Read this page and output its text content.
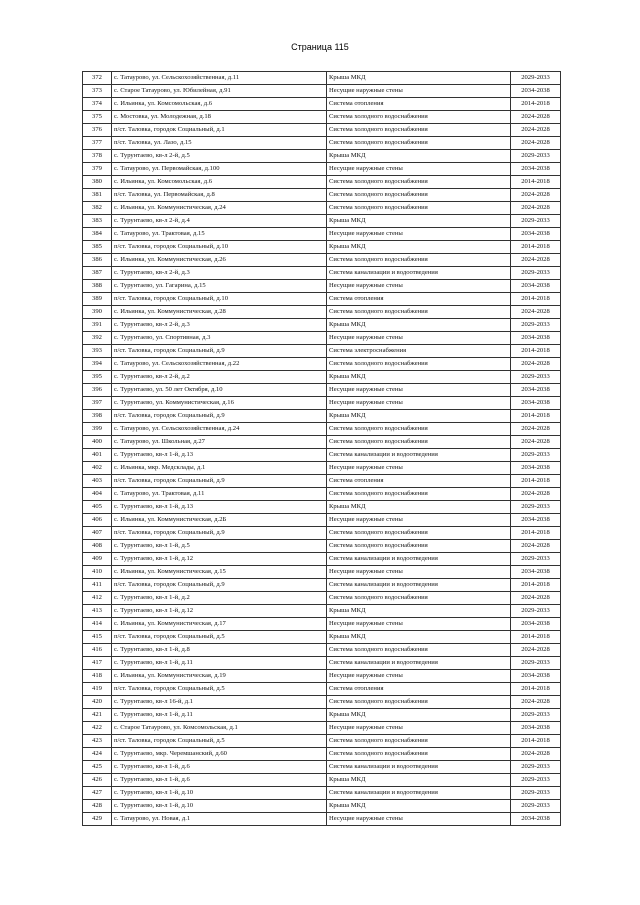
Страница 115
372	с. Татаурово, ул. Сельскохозяйственная, д.11	Крыша МКД	2029-2033
373	с. Старое Татаурово, ул. Юбилейная, д.91	Несущие наружные стены	2034-2038
374	с. Ильинка, ул. Комсомольская, д.6	Система отопления	2014-2018
375	с. Мостовка, ул. Молодежная, д.18	Система холодного водоснабжения	2024-2028
376	п/ст. Таловка, городок Социальный, д.1	Система холодного водоснабжения	2024-2028
377	п/ст. Таловка, ул. Лазо, д.15	Система холодного водоснабжения	2024-2028
378	с. Турунтаево, кв-л 2-й, д.5	Крыша МКД	2029-2033
379	с. Татаурово, ул. Первомайская, д.100	Несущие наружные стены	2034-2038
380	с. Ильинка, ул. Комсомольская, д.6	Система холодного водоснабжения	2014-2018
381	п/ст. Таловка, ул. Первомайская, д.8	Система холодного водоснабжения	2024-2028
382	с. Ильинка, ул. Коммунистическая, д.24	Система холодного водоснабжения	2024-2028
383	с. Турунтаево, кв-л 2-й, д.4	Крыша МКД	2029-2033
384	с. Татаурово, ул. Трактовая, д.15	Несущие наружные стены	2034-2038
385	п/ст. Таловка, городок Социальный, д.10	Крыша МКД	2014-2018
386	с. Ильинка, ул. Коммунистическая, д.26	Система холодного водоснабжения	2024-2028
387	с. Турунтаево, кв-л 2-й, д.3	Система канализации и водоотведения	2029-2033
388	с. Турунтаево, ул. Гагарина, д.15	Несущие наружные стены	2034-2038
389	п/ст. Таловка, городок Социальный, д.10	Система отопления	2014-2018
390	с. Ильинка, ул. Коммунистическая, д.28	Система холодного водоснабжения	2024-2028
391	с. Турунтаево, кв-л 2-й, д.3	Крыша МКД	2029-2033
392	с. Турунтаево, ул. Спортивная, д.3	Несущие наружные стены	2034-2038
393	п/ст. Таловка, городок Социальный, д.9	Система электроснабжения	2014-2018
394	с. Татаурово, ул. Сельскохозяйственная, д.22	Система холодного водоснабжения	2024-2028
395	с. Турунтаево, кв-л 2-й, д.2	Крыша МКД	2029-2033
396	с. Турунтаево, ул. 50 лет Октября, д.10	Несущие наружные стены	2034-2038
397	с. Турунтаево, ул. Коммунистическая, д.16	Несущие наружные стены	2034-2038
398	п/ст. Таловка, городок Социальный, д.9	Крыша МКД	2014-2018
399	с. Татаурово, ул. Сельскохозяйственная, д.24	Система холодного водоснабжения	2024-2028
400	с. Татаурово, ул. Школьная, д.27	Система холодного водоснабжения	2024-2028
401	с. Турунтаево, кв-л 1-й, д.13	Система канализации и водоотведения	2029-2033
402	с. Ильинка, мкр. Медсклады, д.1	Несущие наружные стены	2034-2038
403	п/ст. Таловка, городок Социальный, д.9	Система отопления	2014-2018
404	с. Татаурово, ул. Трактовая, д.11	Система холодного водоснабжения	2024-2028
405	с. Турунтаево, кв-л 1-й, д.13	Крыша МКД	2029-2033
406	с. Ильинка, ул. Коммунистическая, д.2Б	Несущие наружные стены	2034-2038
407	п/ст. Таловка, городок Социальный, д.9	Система холодного водоснабжения	2014-2018
408	с. Турунтаево, кв-л 1-й, д.5	Система холодного водоснабжения	2024-2028
409	с. Турунтаево, кв-л 1-й, д.12	Система канализации и водоотведения	2029-2033
410	с. Ильинка, ул. Коммунистическая, д.15	Несущие наружные стены	2034-2038
411	п/ст. Таловка, городок Социальный, д.9	Система канализации и водоотведения	2014-2018
412	с. Турунтаево, кв-л 1-й, д.2	Система холодного водоснабжения	2024-2028
413	с. Турунтаево, кв-л 1-й, д.12	Крыша МКД	2029-2033
414	с. Ильинка, ул. Коммунистическая, д.17	Несущие наружные стены	2034-2038
415	п/ст. Таловка, городок Социальный, д.5	Крыша МКД	2014-2018
416	с. Турунтаево, кв-л 1-й, д.8	Система холодного водоснабжения	2024-2028
417	с. Турунтаево, кв-л 1-й, д.11	Система канализации и водоотведения	2029-2033
418	с. Ильинка, ул. Коммунистическая, д.19	Несущие наружные стены	2034-2038
419	п/ст. Таловка, городок Социальный, д.5	Система отопления	2014-2018
420	с. Турунтаево, кв-л 16-й, д.1	Система холодного водоснабжения	2024-2028
421	с. Турунтаево, кв-л 1-й, д.11	Крыша МКД	2029-2033
422	с. Старое Татаурово, ул. Комсомольская, д.1	Несущие наружные стены	2034-2038
423	п/ст. Таловка, городок Социальный, д.5	Система холодного водоснабжения	2014-2018
424	с. Турунтаево, мкр. Черемшанский, д.60	Система холодного водоснабжения	2024-2028
425	с. Турунтаево, кв-л 1-й, д.6	Система канализации и водоотведения	2029-2033
426	с. Турунтаево, кв-л 1-й, д.6	Крыша МКД	2029-2033
427	с. Турунтаево, кв-л 1-й, д.10	Система канализации и водоотведения	2029-2033
428	с. Турунтаево, кв-л 1-й, д.10	Крыша МКД	2029-2033
429	с. Татаурово, ул. Новая, д.1	Несущие наружные стены	2034-2038
